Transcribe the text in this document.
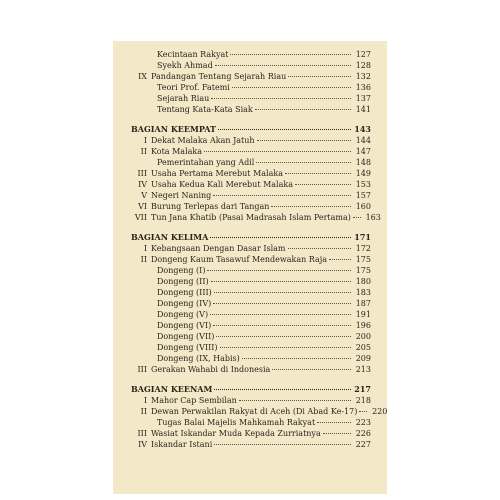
Kecintaan Rakyat	127
Syekh Ahmad	128
IX Pandangan Tentang Sejarah Riau	132
Teori Prof. Fatemi	136
Sejarah Riau	137
Tentang Kata-Kata Siak	141
BAGIAN KEEMPAT	143
I Dekat Malaka Akan Jatuh	144
II Kota Malaka	147
Pemerintahan yang Adil	148
III Usaha Pertama Merebut Malaka	149
IV Usaha Kedua Kali Merebut Malaka	153
V Negeri Naning	157
VI Burung Terlepas dari Tangan	160
VII Tun Jana Khatib (Pasai Madrasah Islam Pertama)	163
BAGIAN KELIMA	171
I Kebangsaan Dengan Dasar Islam	172
II Dongeng Kaum Tasawuf Mendewakan Raja	175
Dongeng (I)	175
Dongeng (II)	180
Dongeng (III)	183
Dongeng (IV)	187
Dongeng (V)	191
Dongeng (VI)	196
Dongeng (VII)	200
Dongeng (VIII)	205
Dongeng (IX, Habis)	209
III Gerakan Wahabi di Indonesia	213
BAGIAN KEENAM	217
I Mahor Cap Sembilan	218
II Dewan Perwakilan Rakyat di Aceh (Di Abad Ke-17)	220
Tugas Balai Majelis Mahkamah Rakyat	223
III Wasiat Iskandar Muda Kepada Zurriatnya	226
IV Iskandar Istani	227
